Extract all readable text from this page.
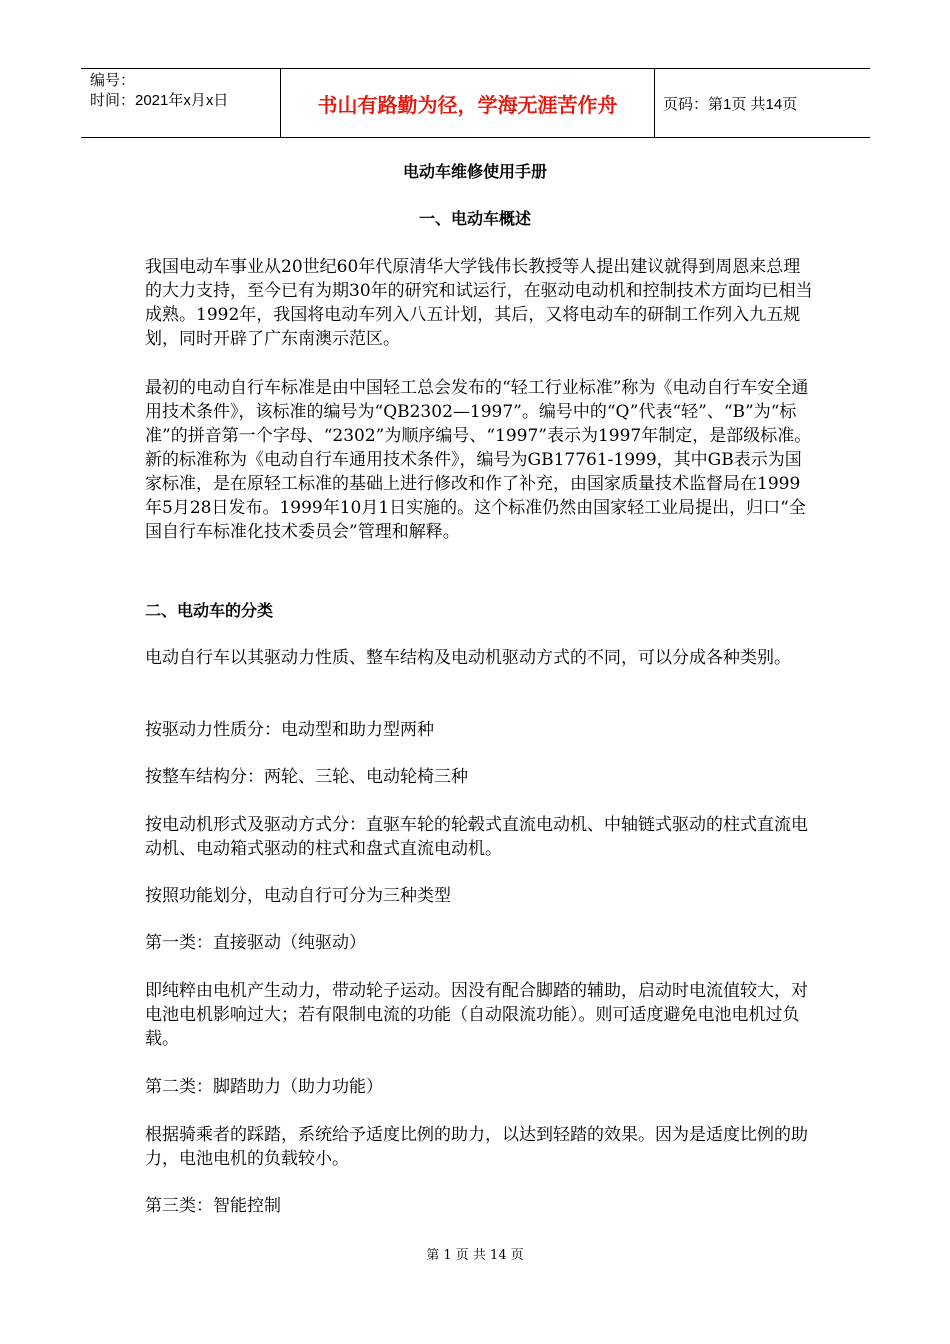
编号：
时间：2021年x月x日	书山有路勤为径，学海无涯苦作舟	页码：第1页 共14页
电动车维修使用手册
一、电动车概述

我国电动车事业从20世纪60年代原清华大学钱伟长教授等人提出建议就得到周恩来总理的大力支持，至今已有为期30年的研究和试运行，在驱动电动机和控制技术方面均已相当成熟。1992年，我国将电动车列入八五计划，其后，又将电动车的研制工作列入九五规划，同时开辟了广东南澳示范区。

最初的电动自行车标准是由中国轻工总会发布的“轻工行业标准”称为《电动自行车安全通用技术条件》，该标准的编号为“QB2302—1997”。编号中的“Q”代表“轻”、“B”为“标准”的拼音第一个字母、“2302”为顺序编号、“1997”表示为1997年制定，是部级标准。新的标准称为《电动自行车通用技术条件》，编号为GB17761-1999，其中GB表示为国家标准，是在原轻工标准的基础上进行修改和作了补充，由国家质量技术监督局在1999年5月28日发布。1999年10月1日实施的。这个标准仍然由国家轻工业局提出，归口“全国自行车标准化技术委员会”管理和解释。

二、电动车的分类

电动自行车以其驱动力性质、整车结构及电动机驱动方式的不同，可以分成各种类别。

按驱动力性质分：电动型和助力型两种

按整车结构分：两轮、三轮、电动轮椅三种

按电动机形式及驱动方式分：直驱车轮的轮毂式直流电动机、中轴链式驱动的柱式直流电动机、电动箱式驱动的柱式和盘式直流电动机。

按照功能划分，电动自行可分为三种类型

第一类：直接驱动（纯驱动）

即纯粹由电机产生动力，带动轮子运动。因没有配合脚踏的辅助，启动时电流值较大，对电池电机影响过大；若有限制电流的功能（自动限流功能）。则可适度避免电池电机过负载。

第二类：脚踏助力（助力功能）

根据骑乘者的踩踏，系统给予适度比例的助力，以达到轻踏的效果。因为是适度比例的助力，电池电机的负载较小。

第三类：智能控制

第 1 页 共 14 页
